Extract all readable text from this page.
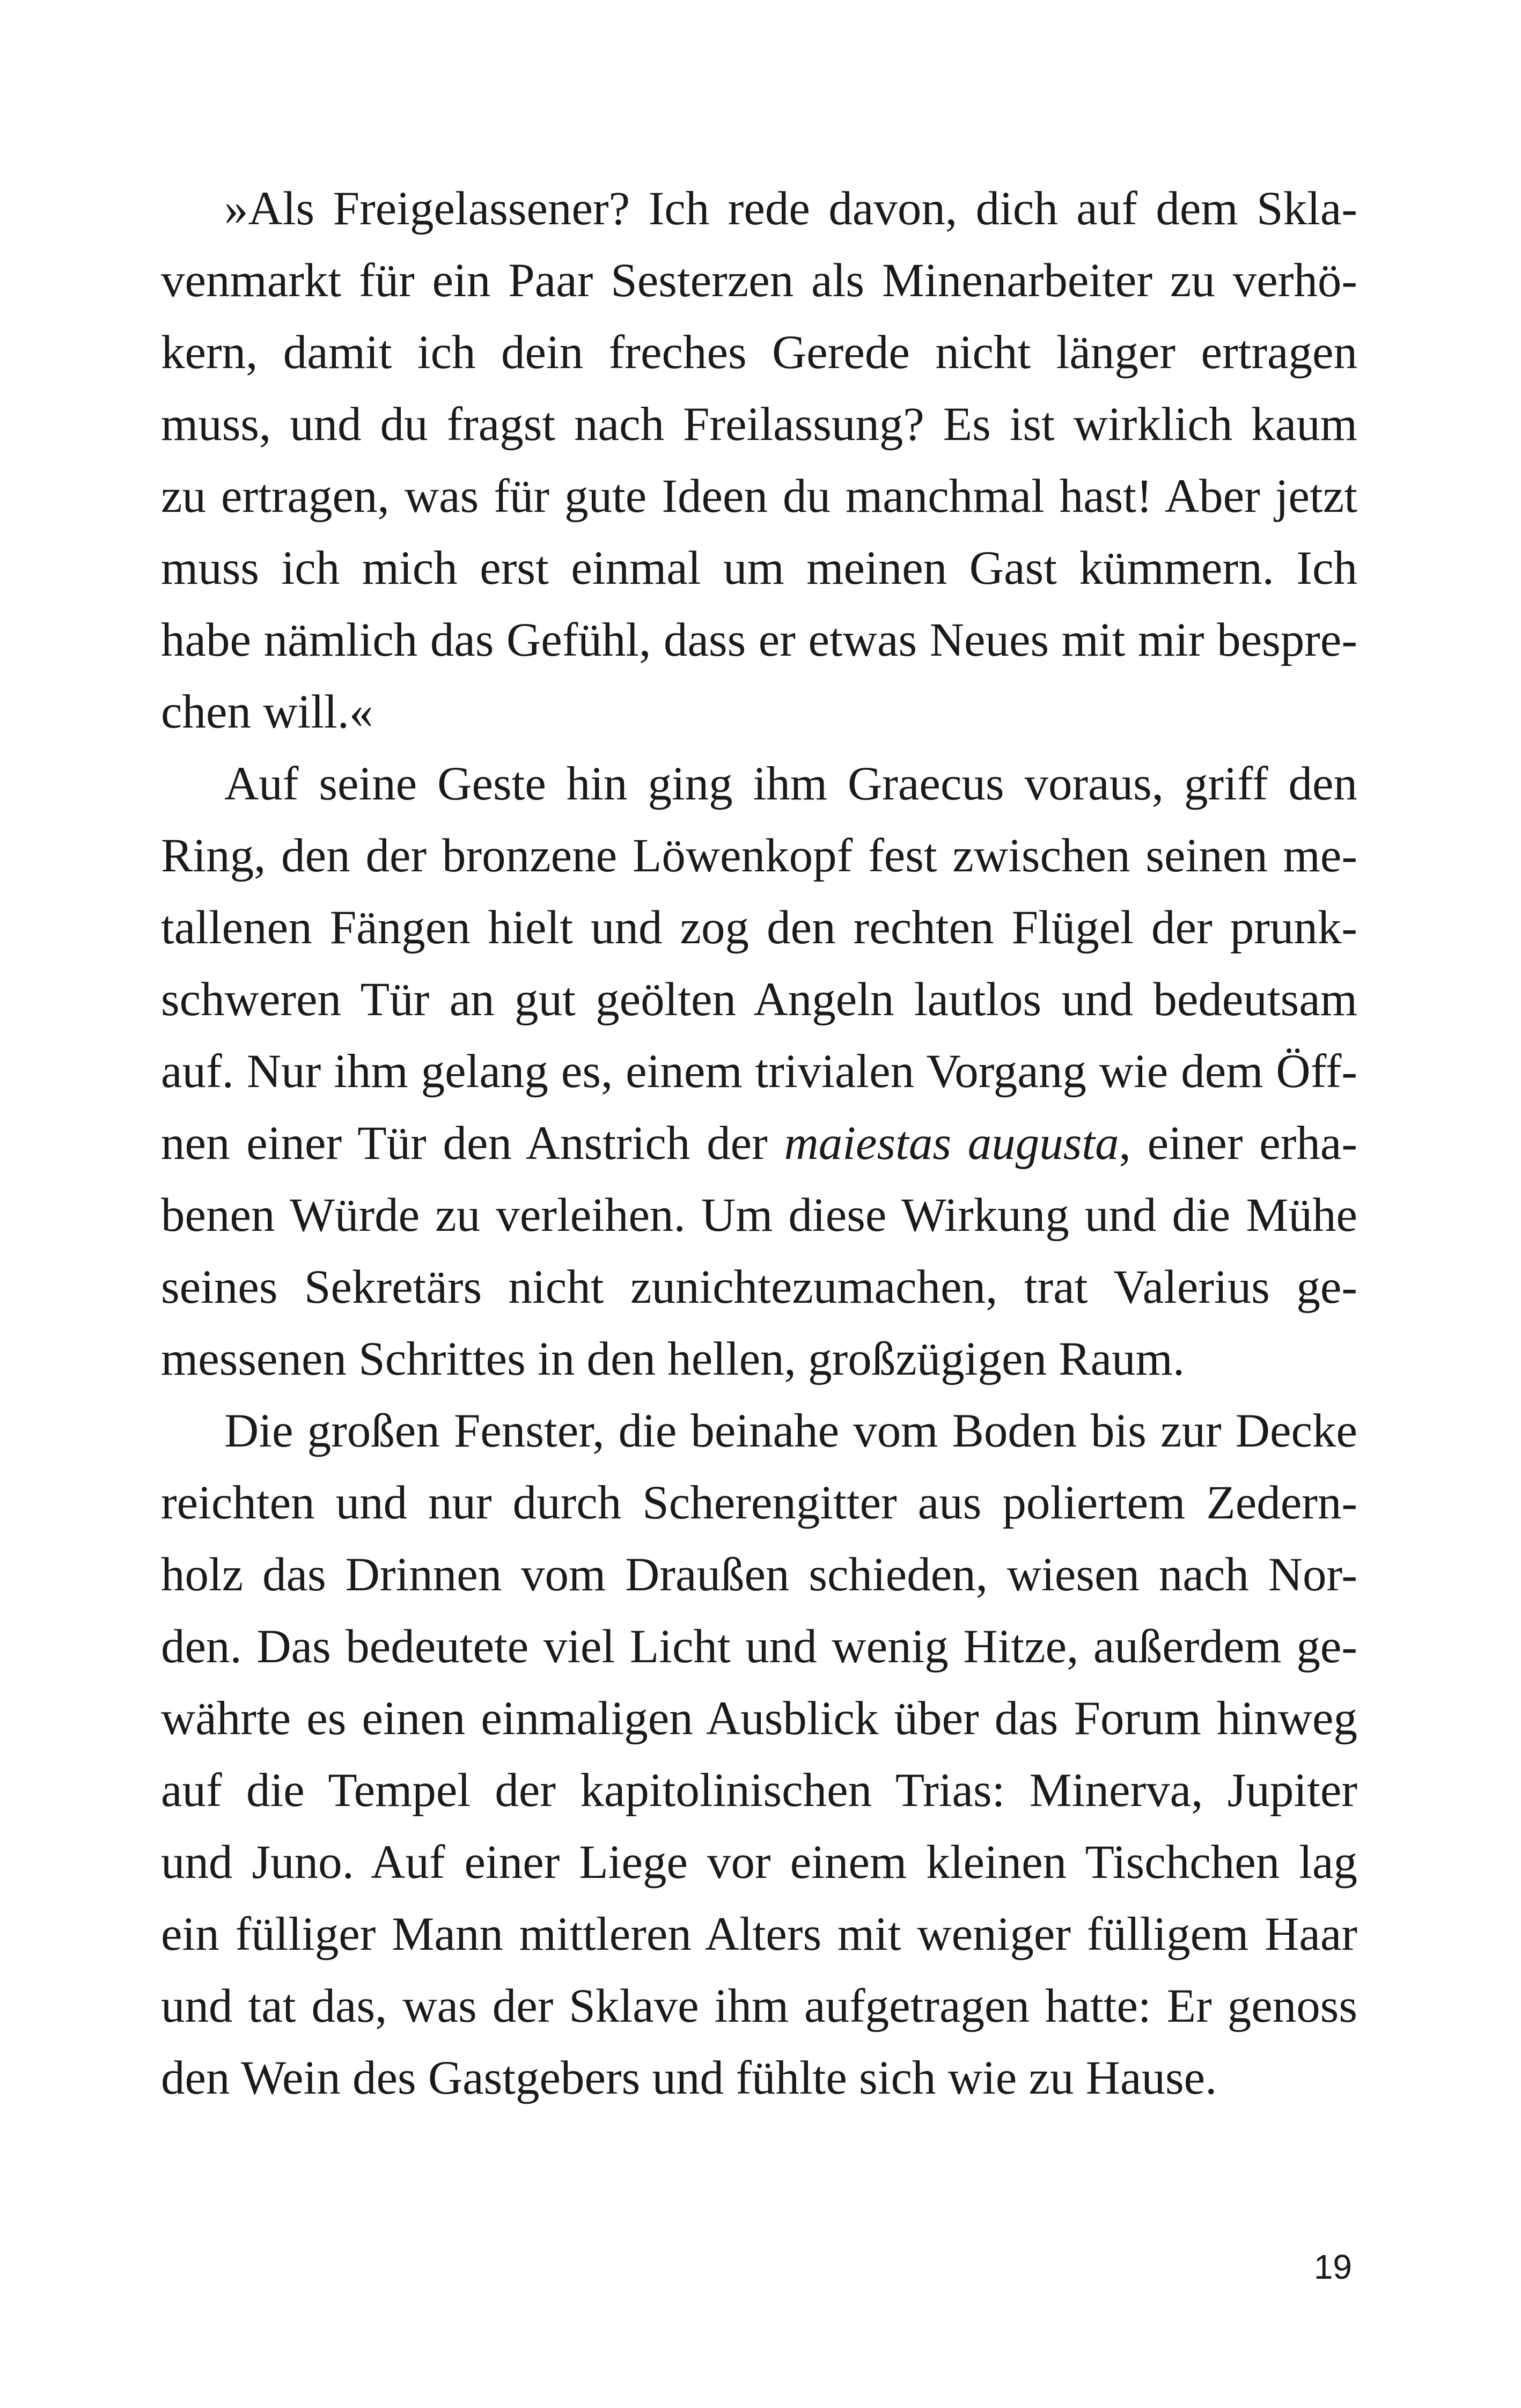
»Als Freigelassener? Ich rede davon, dich auf dem Skla-
venmarkt für ein Paar Sesterzen als Minenarbeiter zu verhö-
kern, damit ich dein freches Gerede nicht länger ertragen
muss, und du fragst nach Freilassung? Es ist wirklich kaum
zu ertragen, was für gute Ideen du manchmal hast! Aber jetzt
muss ich mich erst einmal um meinen Gast kümmern. Ich
habe nämlich das Gefühl, dass er etwas Neues mit mir bespre-
chen will.«
Auf seine Geste hin ging ihm Graecus voraus, griff den
Ring, den der bronzene Löwenkopf fest zwischen seinen me-
tallenen Fängen hielt und zog den rechten Flügel der prunk-
schweren Tür an gut geölten Angeln lautlos und bedeutsam
auf. Nur ihm gelang es, einem trivialen Vorgang wie dem Öff-
nen einer Tür den Anstrich der maiestas augusta, einer erha-
benen Würde zu verleihen. Um diese Wirkung und die Mühe
seines Sekretärs nicht zunichtezumachen, trat Valerius ge-
messenen Schrittes in den hellen, großzügigen Raum.
Die großen Fenster, die beinahe vom Boden bis zur Decke
reichten und nur durch Scherengitter aus poliertem Zedern-
holz das Drinnen vom Draußen schieden, wiesen nach Nor-
den. Das bedeutete viel Licht und wenig Hitze, außerdem ge-
währte es einen einmaligen Ausblick über das Forum hinweg
auf die Tempel der kapitolinischen Trias: Minerva, Jupiter
und Juno. Auf einer Liege vor einem kleinen Tischchen lag
ein fülliger Mann mittleren Alters mit weniger fülligem Haar
und tat das, was der Sklave ihm aufgetragen hatte: Er genoss
den Wein des Gastgebers und fühlte sich wie zu Hause.
19
